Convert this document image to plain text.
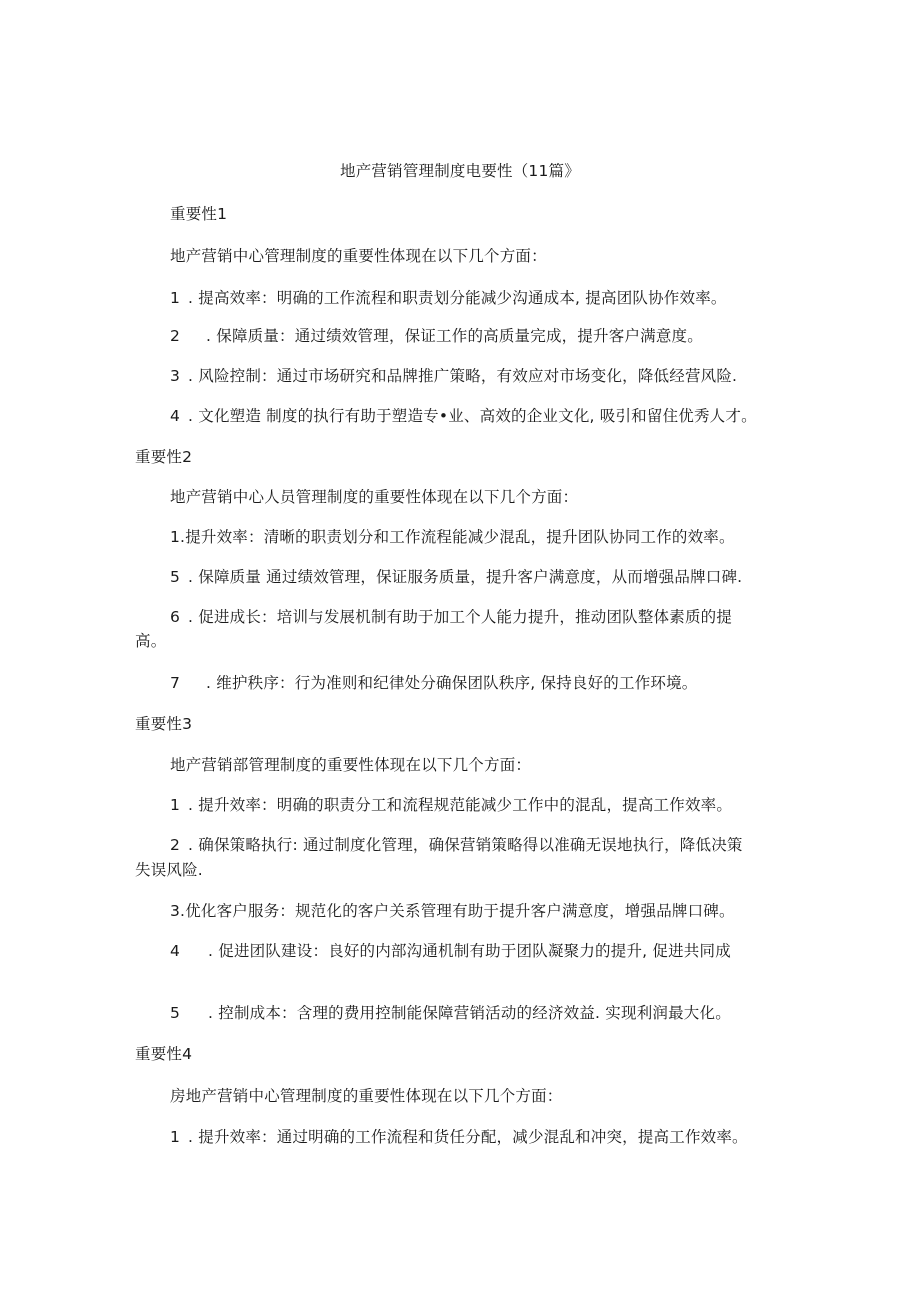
地产营销管理制度电要性（11篇》
重要性1
地产营销中心管理制度的重要性体现在以下几个方面：
1 . 提高效率：明确的工作流程和职责划分能减少沟通成本, 提高团队协作效率。
2 . 保障质量：通过绩效管理，保证工作的高质量完成，提升客户满意度。
3 . 风险控制：通过市场研究和品牌推广策略，有效应对市场变化，降低经营风险.
4 . 文化塑造 制度的执行有助于塑造专•业、高效的企业文化, 吸引和留住优秀人才。
重要性2
地产营销中心人员管理制度的重要性体现在以下几个方面：
1.提升效率：清晰的职责划分和工作流程能减少混乱，提升团队协同工作的效率。
5 . 保障质量 通过绩效管理，保证服务质量，提升客户满意度，从而增强品牌口碑.
6 . 促进成长：培训与发展机制有助于加工个人能力提升，推动团队整体素质的提
高。
7 . 维护秩序：行为准则和纪律处分确保团队秩序, 保持良好的工作环境。
重要性3
地产营销部管理制度的重要性体现在以下几个方面：
1 . 提升效率：明确的职责分工和流程规范能减少工作中的混乱，提高工作效率。
2 . 确保策略执行: 通过制度化管理，确保营销策略得以准确无误地执行，降低决策
失误风险.
3.优化客户服务：规范化的客户关系管理有助于提升客户满意度，增强品牌口碑。
4 . 促进团队建设：良好的内部沟通机制有助于团队凝聚力的提升, 促进共同成
5 . 控制成本：含理的费用控制能保障营销活动的经济效益. 实现利润最大化。
重要性4
房地产营销中心管理制度的重要性体现在以下几个方面：
1 . 提升效率：通过明确的工作流程和货任分配，减少混乱和冲突，提高工作效率。
